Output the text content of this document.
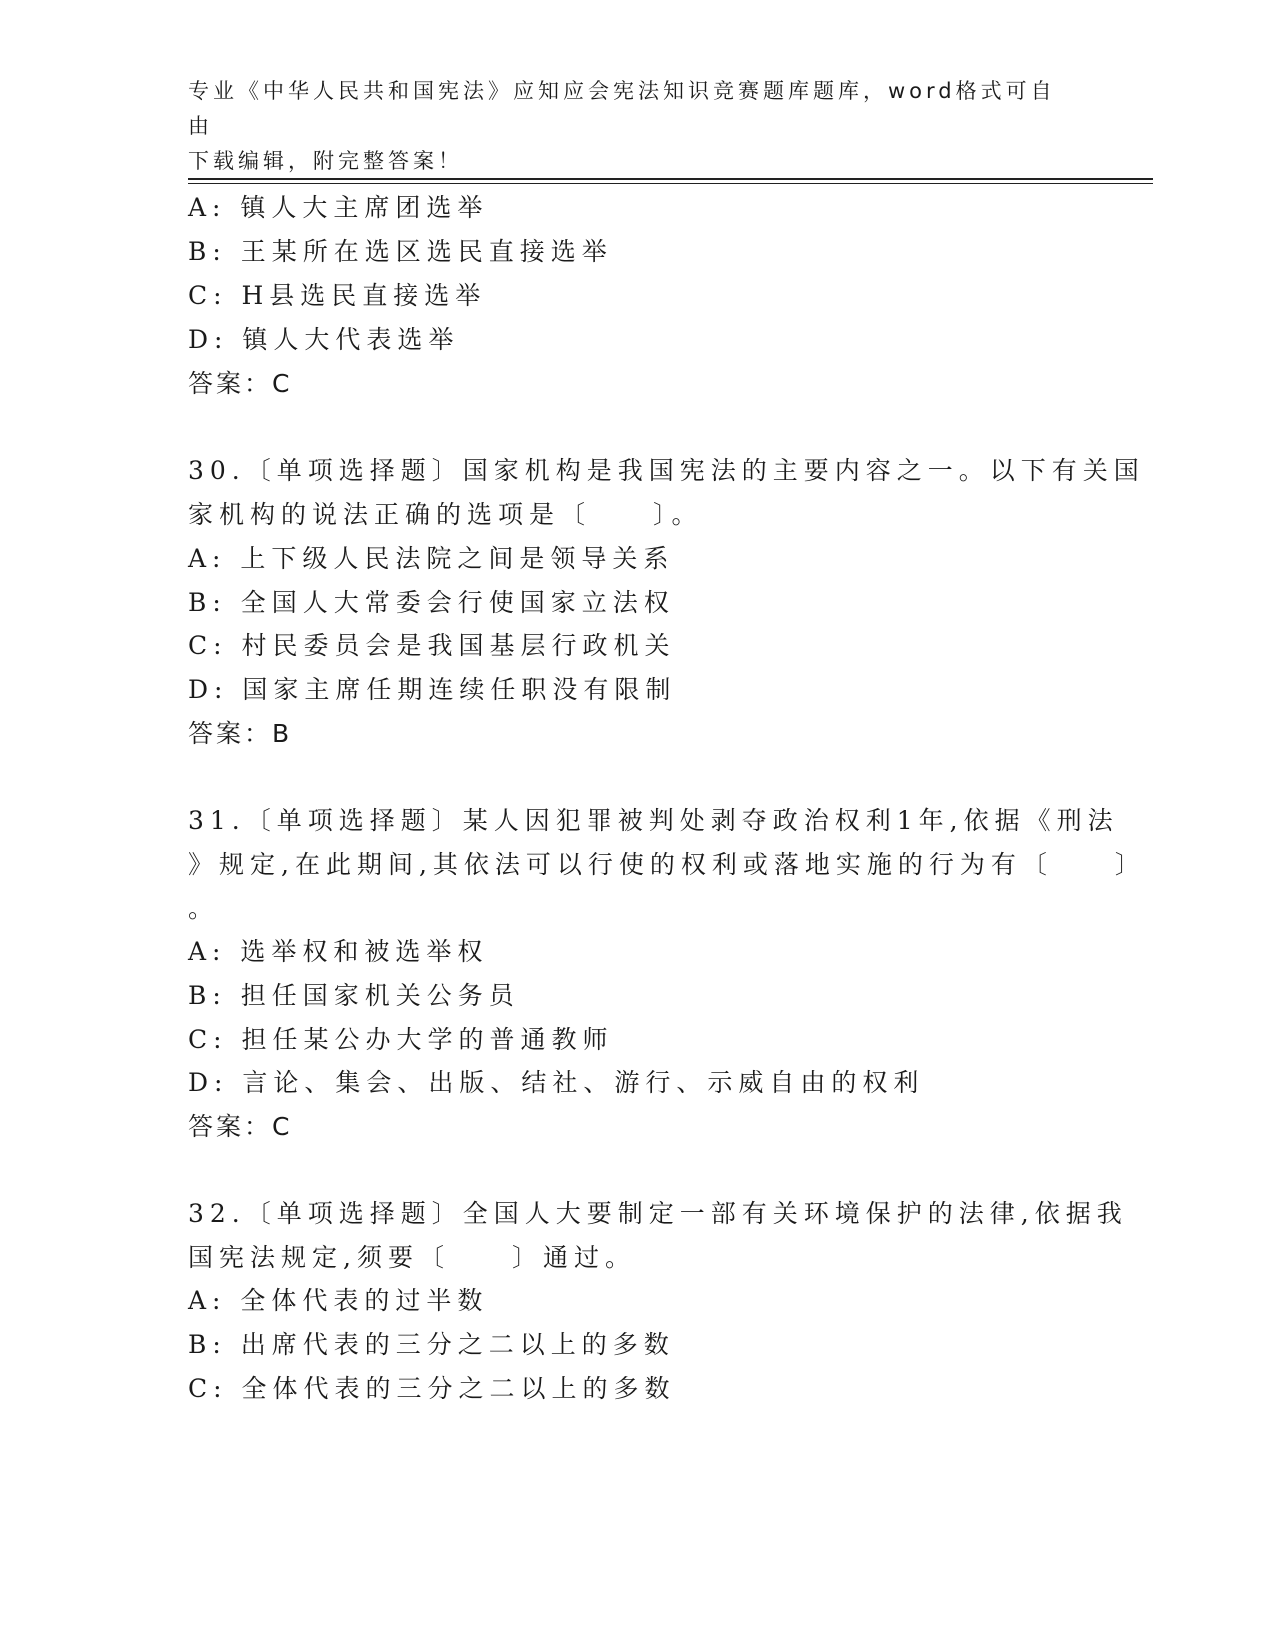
专业《中华人民共和国宪法》应知应会宪法知识竞赛题库题库，word格式可自由

下载编辑，附完整答案！

A: 镇人大主席团选举
B: 王某所在选区选民直接选举
C: H县选民直接选举
D: 镇人大代表选举
答案：C
30.〔单项选择题〕国家机构是我国宪法的主要内容之一。以下有关国
家机构的说法正确的选项是〔　　〕。
A: 上下级人民法院之间是领导关系
B: 全国人大常委会行使国家立法权
C: 村民委员会是我国基层行政机关
D: 国家主席任期连续任职没有限制
答案：B
31.〔单项选择题〕某人因犯罪被判处剥夺政治权利1年,依据《刑法
》规定,在此期间,其依法可以行使的权利或落地实施的行为有〔　　〕
。
A: 选举权和被选举权
B: 担任国家机关公务员
C: 担任某公办大学的普通教师
D: 言论、集会、出版、结社、游行、示威自由的权利
答案：C
32.〔单项选择题〕全国人大要制定一部有关环境保护的法律,依据我
国宪法规定,须要〔　　〕通过。
A: 全体代表的过半数
B: 出席代表的三分之二以上的多数
C: 全体代表的三分之二以上的多数
